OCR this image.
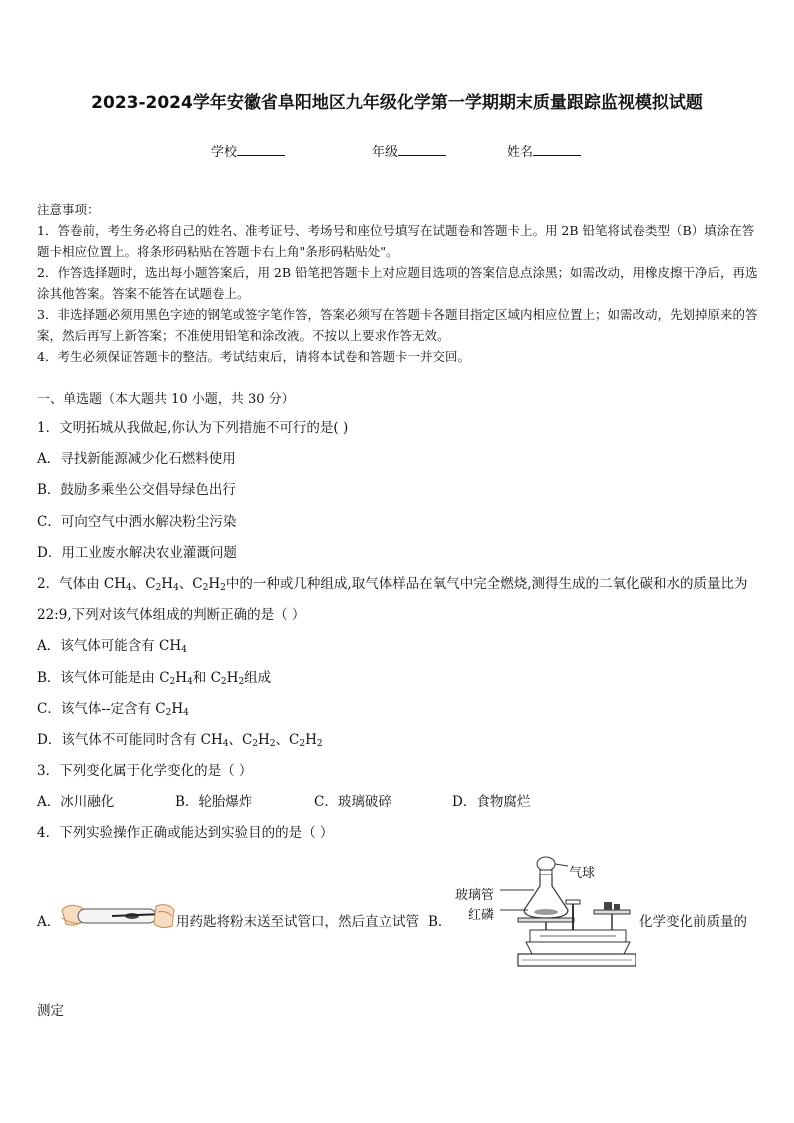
2023-2024学年安徽省阜阳地区九年级化学第一学期期末质量跟踪监视模拟试题
学校	年级	姓名

注意事项：

1．答卷前，考生务必将自己的姓名、准考证号、考场号和座位号填写在试题卷和答题卡上。用 2B 铅笔将试卷类型（B）填涂在答题卡相应位置上。将条形码粘贴在答题卡右上角"条形码粘贴处"。

2．作答选择题时，选出每小题答案后，用 2B 铅笔把答题卡上对应题目选项的答案信息点涂黑；如需改动，用橡皮擦干净后，再选涂其他答案。答案不能答在试题卷上。

3．非选择题必须用黑色字迹的钢笔或签字笔作答，答案必须写在答题卡各题目指定区域内相应位置上；如需改动，先划掉原来的答案，然后再写上新答案；不准使用铅笔和涂改液。不按以上要求作答无效。

4．考生必须保证答题卡的整洁。考试结束后，请将本试卷和答题卡一并交回。

一、单选题（本大题共 10 小题，共 30 分）
1．文明拓城从我做起,你认为下列措施不可行的是( )
A．寻找新能源减少化石燃料使用
B．鼓励多乘坐公交倡导绿色出行
C．可向空气中洒水解决粉尘污染
D．用工业废水解决农业灌溉问题
2．气体由 $CH_4$、$C_2H_4$、$C_2H_2$中的一种或几种组成,取气体样品在氧气中完全燃烧,测得生成的二氧化碳和水的质量比为
22:9,下列对该气体组成的判断正确的是（ ）
A．该气体可能含有 $CH_4$
B．该气体可能是由 $C_2H_4$和 $C_2H_2$组成
C．该气体--定含有 $C_2H_4$
D．该气体不可能同时含有 $CH_4$、$C_2H_2$、$C_2H_2$
3．下列变化属于化学变化的是（ ）
A．冰川融化	B．轮胎爆炸	C．玻璃破碎	D．食物腐烂
4．下列实验操作正确或能达到实验目的的是（ ）
A．	用药匙将粉末送至试管口，然后直立试管 B．
气球
玻璃管
红磷	化学变化前质量的
测定
